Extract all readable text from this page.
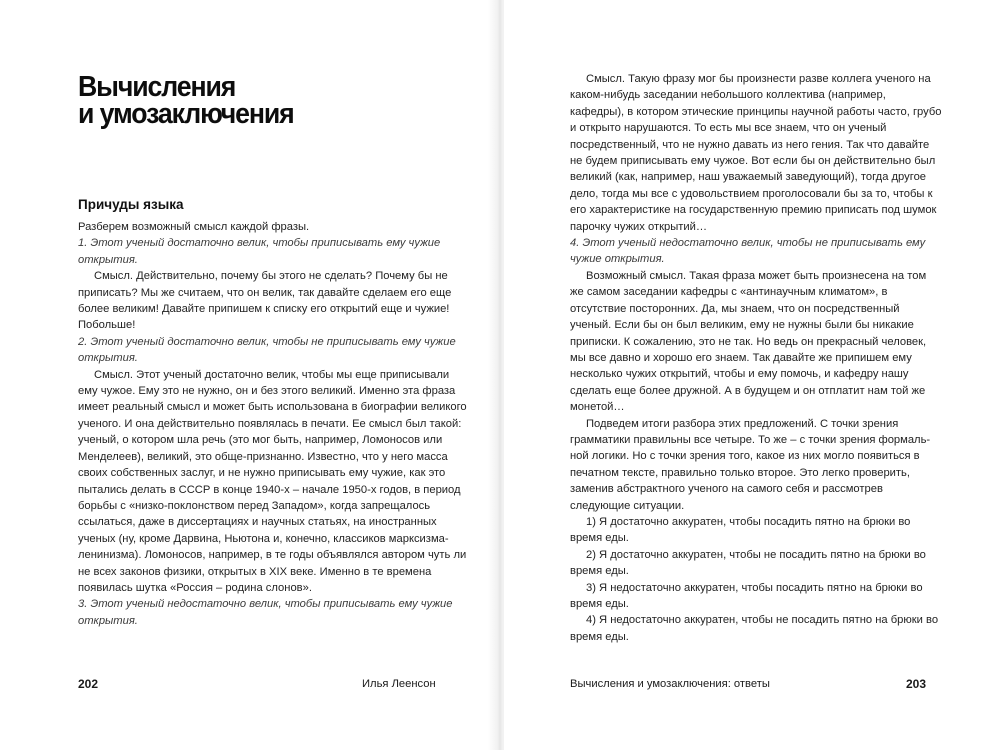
Вычисления
и умозаключения
Причуды языка

Разберем возможный смысл каждой фразы.

1. Этот ученый достаточно велик, чтобы приписывать ему чужие открытия.

Смысл. Действительно, почему бы этого не сделать? Почему бы не приписать? Мы же считаем, что он велик, так давайте сделаем его еще более великим! Давайте припишем к списку его открытий еще и чужие! Побольше!

2. Этот ученый достаточно велик, чтобы не приписывать ему чужие открытия.

Смысл. Этот ученый достаточно велик, чтобы мы еще приписывали ему чужое. Ему это не нужно, он и без этого великий. Именно эта фраза имеет реальный смысл и может быть использована в биографии великого ученого. И она действительно появлялась в печати. Ее смысл был такой: ученый, о котором шла речь (это мог быть, например, Ломоносов или Менделеев), великий, это обще-признанно. Известно, что у него масса своих собственных заслуг, и не нужно приписывать ему чужие, как это пытались делать в СССР в конце 1940-х – начале 1950-х годов, в период борьбы с «низко-поклонством перед Западом», когда запрещалось ссылаться, даже в диссертациях и научных статьях, на иностранных ученых (ну, кроме Дарвина, Ньютона и, конечно, классиков марксизма-ленинизма). Ломоносов, например, в те годы объявлялся автором чуть ли не всех законов физики, открытых в XIX веке. Именно в те времена появилась шутка «Россия – родина слонов».

3. Этот ученый недостаточно велик, чтобы приписывать ему чужие открытия.

202	Илья Леенсон

Смысл. Такую фразу мог бы произнести разве коллега ученого на каком-нибудь заседании небольшого коллектива (например, кафедры), в котором этические принципы научной работы часто, грубо и открыто нарушаются. То есть мы все знаем, что он ученый посредственный, что не нужно давать из него гения. Так что давайте не будем приписывать ему чужое. Вот если бы он действительно был великий (как, например, наш уважаемый заведующий), тогда другое дело, тогда мы все с удовольствием проголосовали бы за то, чтобы к его характеристике на государственную премию приписать под шумок парочку чужих открытий…

4. Этот ученый недостаточно велик, чтобы не приписывать ему чужие открытия.

Возможный смысл. Такая фраза может быть произнесена на том же самом заседании кафедры с «антинаучным климатом», в отсутствие посторонних. Да, мы знаем, что он посредственный ученый. Если бы он был великим, ему не нужны были бы никакие приписки. К сожалению, это не так. Но ведь он прекрасный человек, мы все давно и хорошо его знаем. Так давайте же припишем ему несколько чужих открытий, чтобы и ему помочь, и кафедру нашу сделать еще более дружной. А в будущем и он отплатит нам той же монетой…

Подведем итоги разбора этих предложений. С точки зрения грамматики правильны все четыре. То же – с точки зрения формаль-ной логики. Но с точки зрения того, какое из них могло появиться в печатном тексте, правильно только второе. Это легко проверить, заменив абстрактного ученого на самого себя и рассмотрев следующие ситуации.

1) Я достаточно аккуратен, чтобы посадить пятно на брюки во время еды.

2) Я достаточно аккуратен, чтобы не посадить пятно на брюки во время еды.

3) Я недостаточно аккуратен, чтобы посадить пятно на брюки во время еды.

4) Я недостаточно аккуратен, чтобы не посадить пятно на брюки во время еды.

Вычисления и умозаключения: ответы	203
